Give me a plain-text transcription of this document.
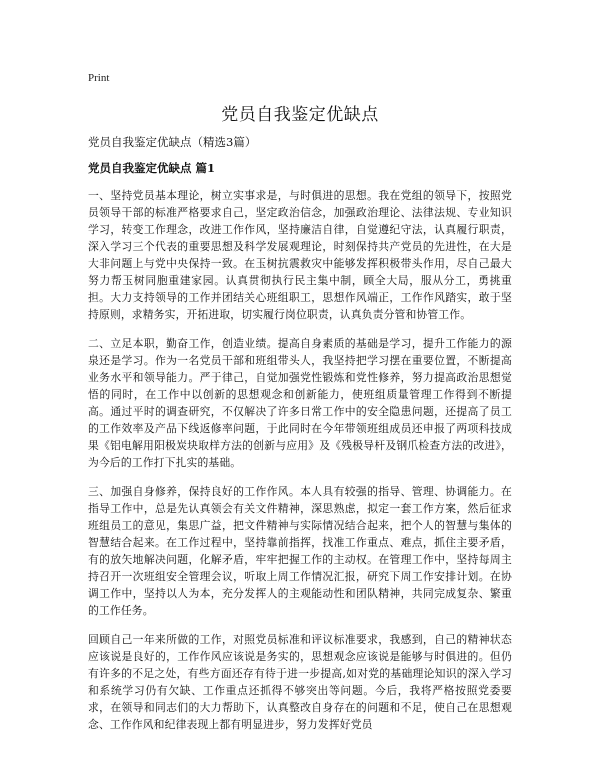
Print
党员自我鉴定优缺点

党员自我鉴定优缺点（精选3篇）

党员自我鉴定优缺点 篇1

一、坚持党员基本理论，树立实事求是，与时俱进的思想。我在党组的领导下，按照党员领导干部的标准严格要求自己，坚定政治信念，加强政治理论、法律法规、专业知识学习，转变工作理念，改进工作作风，坚持廉洁自律，自觉遵纪守法，认真履行职责，深入学习三个代表的重要思想及科学发展观理论，时刻保持共产党员的先进性，在大是大非问题上与党中央保持一致。在玉树抗震救灾中能够发挥积极带头作用，尽自己最大努力帮玉树同胞重建家园。认真贯彻执行民主集中制，顾全大局，服从分工，勇挑重担。大力支持领导的工作并团结关心班组职工，思想作风端正，工作作风踏实，敢于坚持原则，求精务实，开拓进取，切实履行岗位职责，认真负责分管和协管工作。

二、立足本职，勤奋工作，创造业绩。提高自身素质的基础是学习，提升工作能力的源泉还是学习。作为一名党员干部和班组带头人，我坚持把学习摆在重要位置，不断提高业务水平和领导能力。严于律己，自觉加强党性锻炼和党性修养，努力提高政治思想觉悟的同时，在工作中以创新的思想观念和创新能力，使班组质量管理工作得到不断提高。通过平时的调查研究，不仅解决了许多日常工作中的安全隐患问题，还提高了员工的工作效率及产品下线返修率问题，于此同时在今年带领班组成员还申报了两项科技成果《铝电解用阳极炭块取样方法的创新与应用》及《残极导杆及钢爪检查方法的改进》，为今后的工作打下扎实的基础。

三、加强自身修养，保持良好的工作作风。本人具有较强的指导、管理、协调能力。在指导工作中，总是先认真领会有关文件精神，深思熟虑，拟定一套工作方案，然后征求班组员工的意见，集思广益，把文件精神与实际情况结合起来，把个人的智慧与集体的智慧结合起来。在工作过程中，坚持靠前指挥，找准工作重点、难点，抓住主要矛盾，有的放矢地解决问题，化解矛盾，牢牢把握工作的主动权。在管理工作中，坚持每周主持召开一次班组安全管理会议，听取上周工作情况汇报，研究下周工作安排计划。在协调工作中，坚持以人为本，充分发挥人的主观能动性和团队精神，共同完成复杂、繁重的工作任务。

回顾自己一年来所做的工作，对照党员标准和评议标准要求，我感到，自己的精神状态应该说是良好的，工作作风应该说是务实的，思想观念应该说是能够与时俱进的。但仍有许多的不足之处，有些方面还存有待于进一步提高,如对党的基础理论知识的深入学习和系统学习仍有欠缺、工作重点还抓得不够突出等问题。今后，我将严格按照党委要求，在领导和同志们的大力帮助下，认真整改自身存在的问题和不足，使自己在思想观念、工作作风和纪律表现上都有明显进步，努力发挥好党员
